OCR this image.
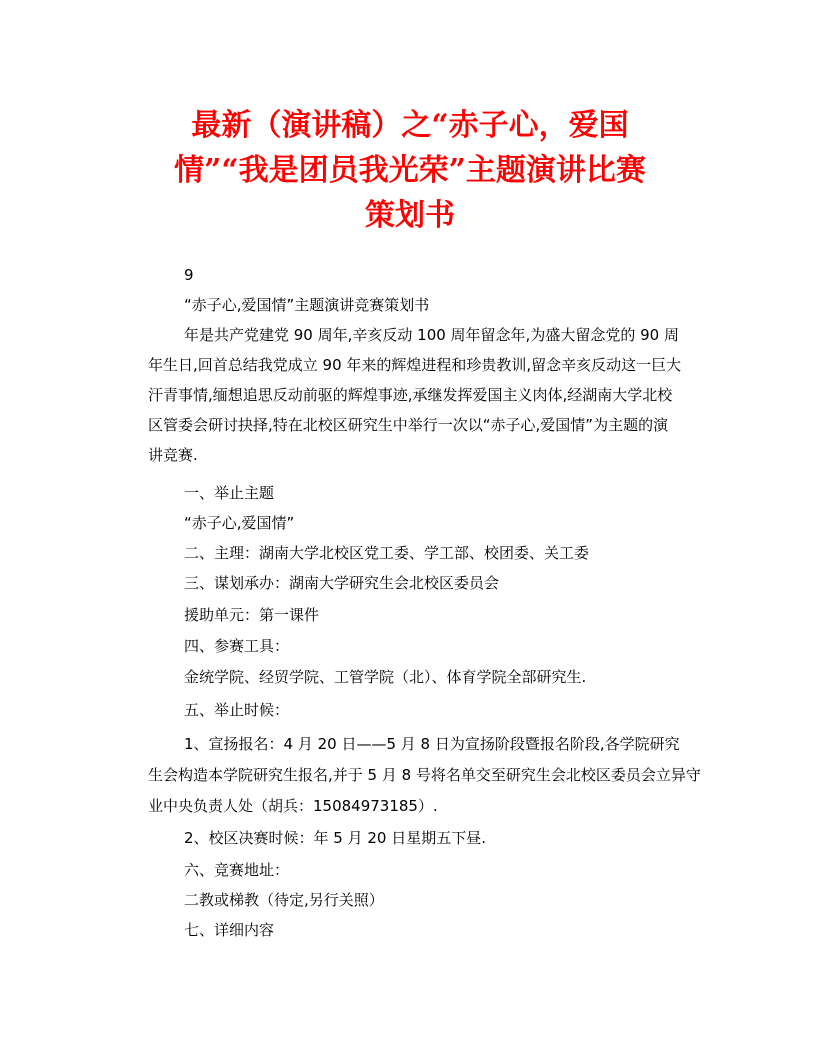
最新（演讲稿）之“赤子心，爱国
情”“我是团员我光荣”主题演讲比赛
策划书
9
“赤子心,爱国情”主题演讲竞赛策划书
年是共产党建党 90 周年,辛亥反动 100 周年留念年,为盛大留念党的 90 周
年生日,回首总结我党成立 90 年来的辉煌进程和珍贵教训,留念辛亥反动这一巨大
汗青事情,缅想追思反动前驱的辉煌事迹,承继发挥爱国主义肉体,经湖南大学北校
区管委会研讨抉择,特在北校区研究生中举行一次以“赤子心,爱国情”为主题的演
讲竞赛.
一、举止主题
“赤子心,爱国情”
二、主理：湖南大学北校区党工委、学工部、校团委、关工委
三、谋划承办：湖南大学研究生会北校区委员会
援助单元：第一课件
四、参赛工具：
金统学院、经贸学院、工管学院（北）、体育学院全部研究生.
五、举止时候：
1、宣扬报名：4 月 20 日——5 月 8 日为宣扬阶段暨报名阶段,各学院研究
生会构造本学院研究生报名,并于 5 月 8 号将名单交至研究生会北校区委员会立异守
业中央负责人处（胡兵：15084973185）.
2、校区决赛时候：年 5 月 20 日星期五下昼.
六、竞赛地址：
二教或梯教（待定,另行关照）
七、详细内容
